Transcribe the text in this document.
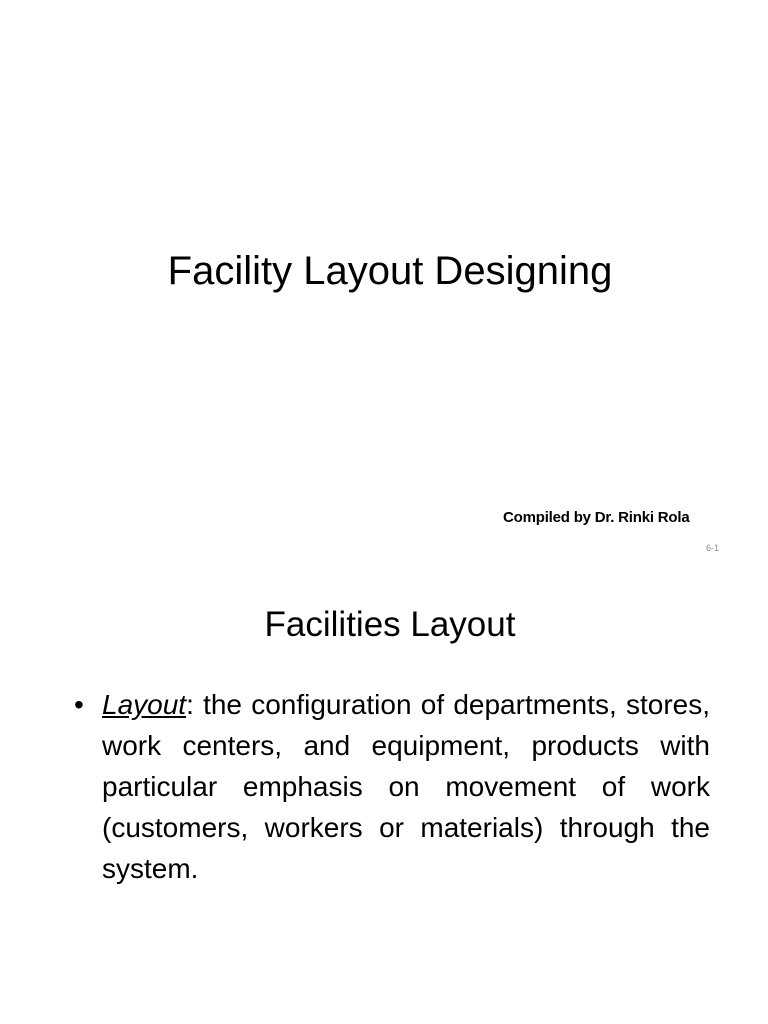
Facility Layout Designing
Compiled by Dr. Rinki Rola
6-1
Facilities Layout
• Layout: the configuration of departments, stores, work centers, and equipment, products with particular emphasis on movement of work (customers, workers or materials) through the system.
